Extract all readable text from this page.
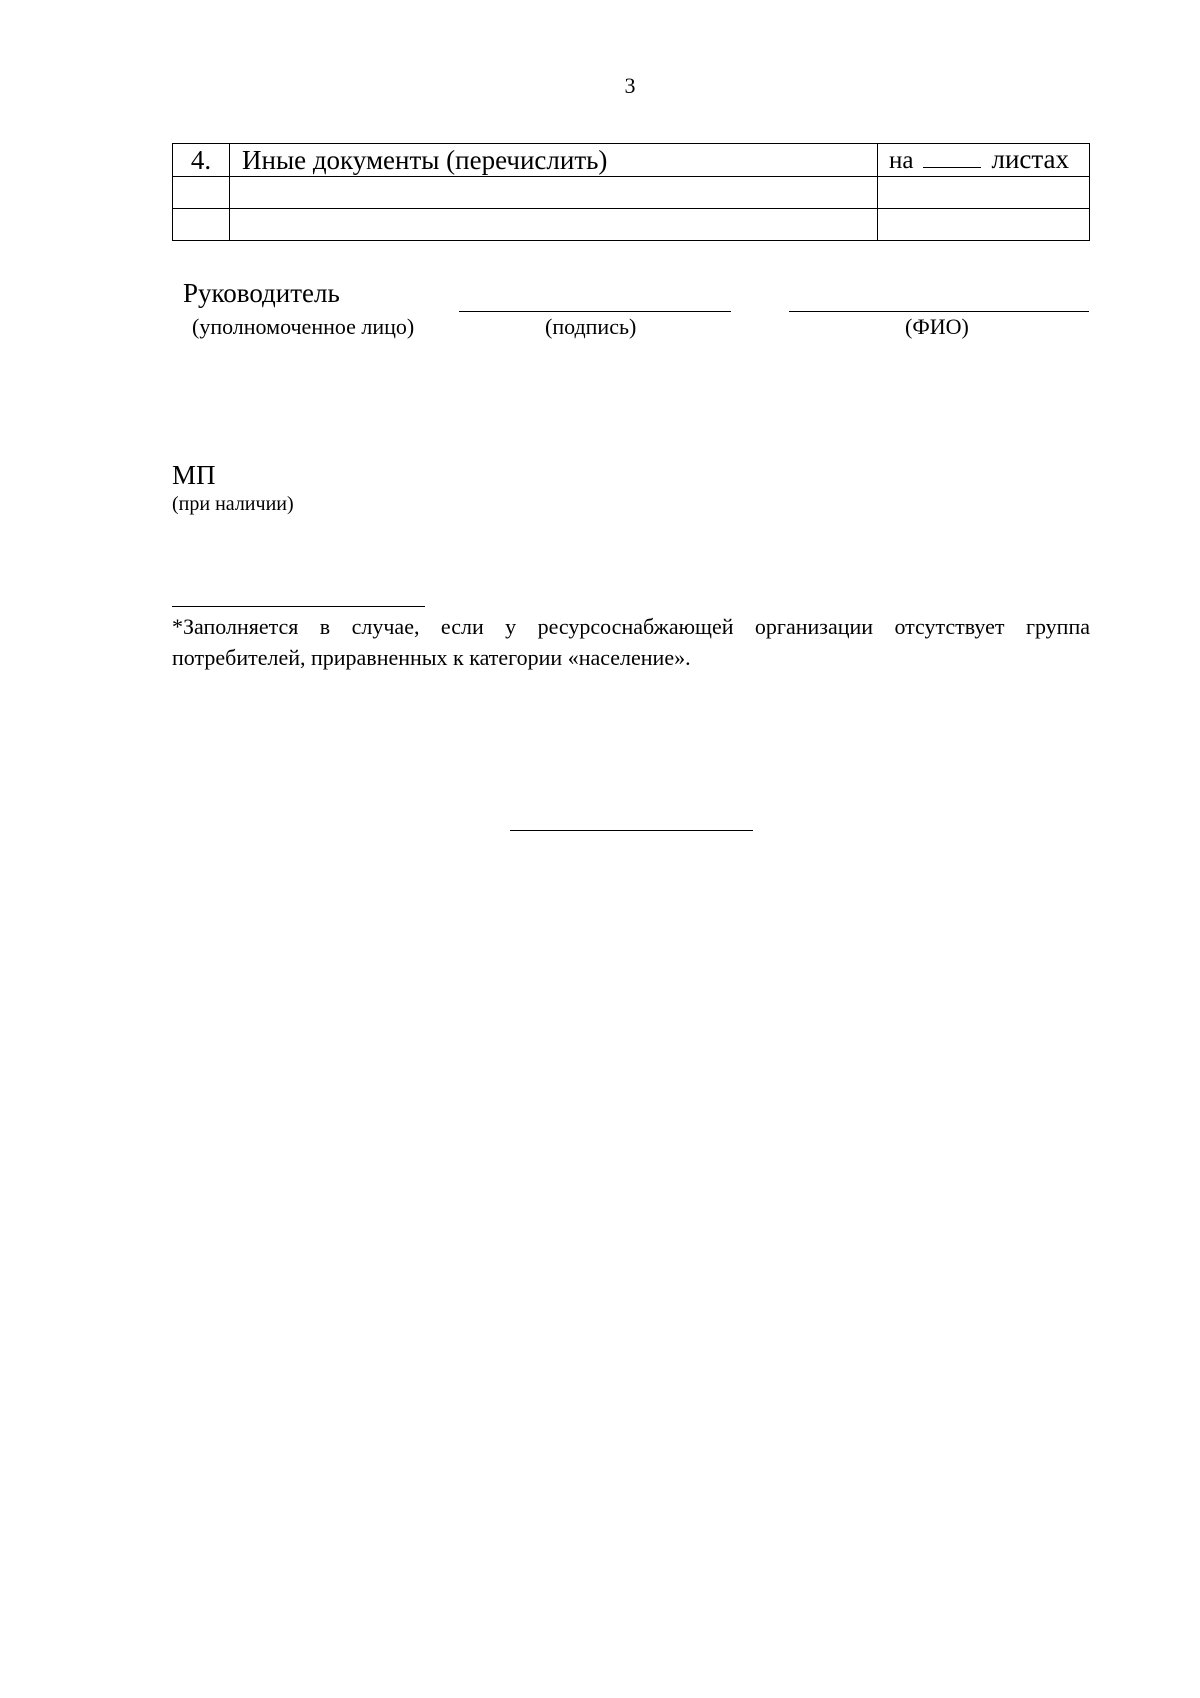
3
4.	Иные документы (перечислить)	на листах

Руководитель
(уполномоченное лицо)	(подпись)	(ФИО)
МП
(при наличии)
*Заполняется в случае, если у ресурсоснабжающей организации отсутствует группа потребителей, приравненных к категории «население».
